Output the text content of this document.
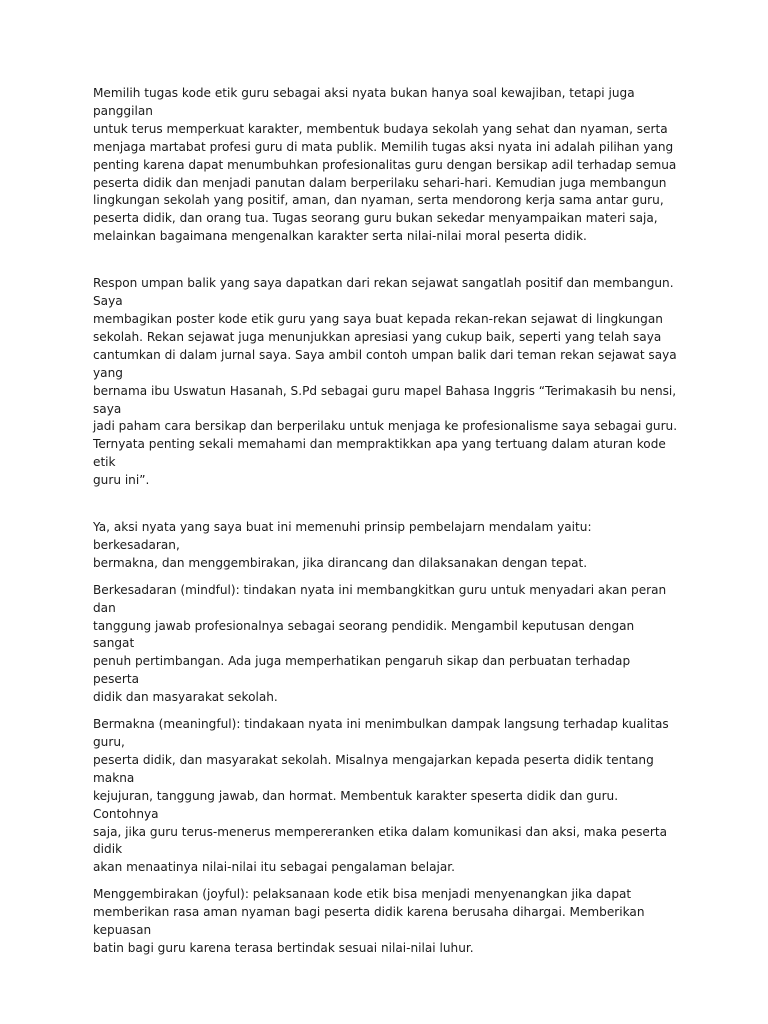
Memilih tugas kode etik guru sebagai aksi nyata bukan hanya soal kewajiban, tetapi juga panggilan
untuk terus memperkuat karakter, membentuk budaya sekolah yang sehat dan nyaman, serta
menjaga martabat profesi guru di mata publik. Memilih tugas aksi nyata ini adalah pilihan yang
penting karena dapat menumbuhkan profesionalitas guru dengan bersikap adil terhadap semua
peserta didik dan menjadi panutan dalam berperilaku sehari-hari. Kemudian juga membangun
lingkungan sekolah yang positif, aman, dan nyaman, serta mendorong kerja sama antar guru,
peserta didik, dan orang tua. Tugas seorang guru bukan sekedar menyampaikan materi saja,
melainkan bagaimana mengenalkan karakter serta nilai-nilai moral peserta didik.

Respon umpan balik yang saya dapatkan dari rekan sejawat sangatlah positif dan membangun. Saya
membagikan poster kode etik guru yang saya buat kepada rekan-rekan sejawat di lingkungan
sekolah. Rekan sejawat juga menunjukkan apresiasi yang cukup baik, seperti yang telah saya
cantumkan di dalam jurnal saya. Saya ambil contoh umpan balik dari teman rekan sejawat saya yang
bernama ibu Uswatun Hasanah, S.Pd sebagai guru mapel Bahasa Inggris “Terimakasih bu nensi, saya
jadi paham cara bersikap dan berperilaku untuk menjaga ke profesionalisme saya sebagai guru.
Ternyata penting sekali memahami dan mempraktikkan apa yang tertuang dalam aturan kode etik
guru ini”.

Ya, aksi nyata yang saya buat ini memenuhi prinsip pembelajarn mendalam yaitu: berkesadaran,
bermakna, dan menggembirakan, jika dirancang dan dilaksanakan dengan tepat.

Berkesadaran (mindful): tindakan nyata ini membangkitkan guru untuk menyadari akan peran dan
tanggung jawab profesionalnya sebagai seorang pendidik. Mengambil keputusan dengan sangat
penuh pertimbangan. Ada juga memperhatikan pengaruh sikap dan perbuatan terhadap peserta
didik dan masyarakat sekolah.

Bermakna (meaningful): tindakaan nyata ini menimbulkan dampak langsung terhadap kualitas guru,
peserta didik, dan masyarakat sekolah. Misalnya mengajarkan kepada peserta didik tentang makna
kejujuran, tanggung jawab, dan hormat. Membentuk karakter speserta didik dan guru. Contohnya
saja, jika guru terus-menerus mempereranken etika dalam komunikasi dan aksi, maka peserta didik
akan menaatinya nilai-nilai itu sebagai pengalaman belajar.

Menggembirakan (joyful): pelaksanaan kode etik bisa menjadi menyenangkan jika dapat
memberikan rasa aman nyaman bagi peserta didik karena berusaha dihargai. Memberikan kepuasan
batin bagi guru karena terasa bertindak sesuai nilai-nilai luhur.
